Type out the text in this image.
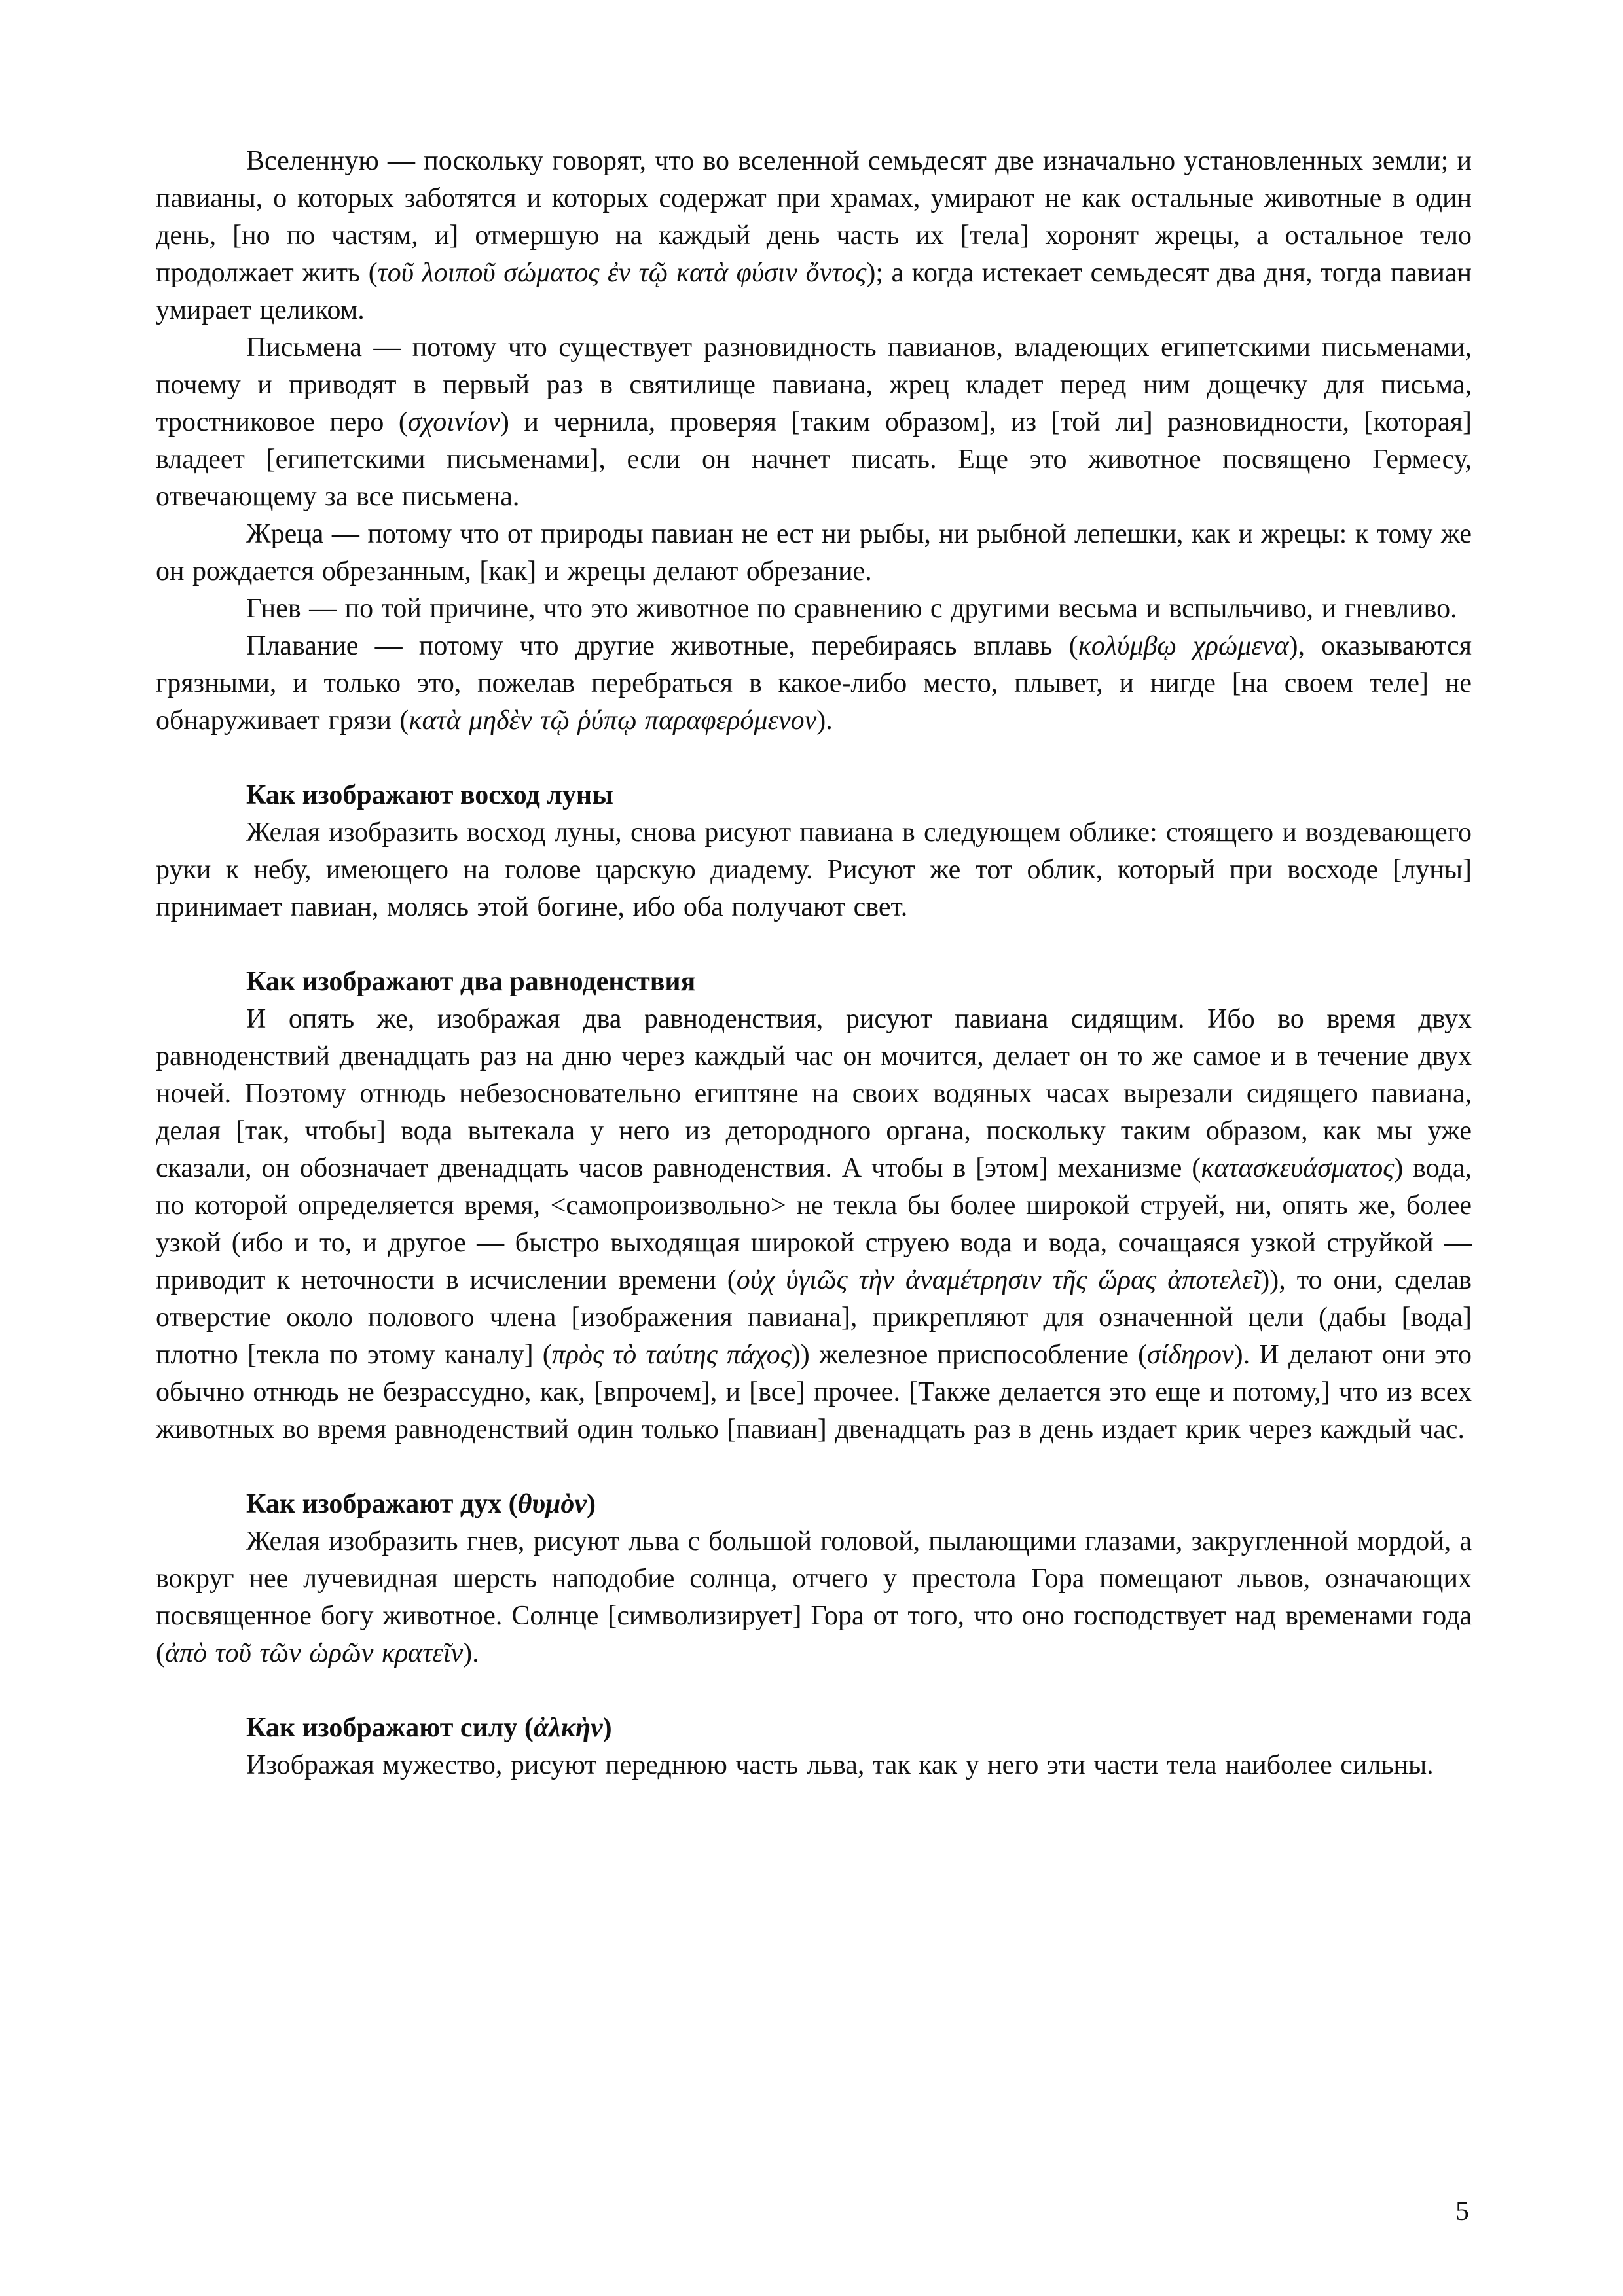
Вселенную — поскольку говорят, что во вселенной семьдесят две изначально установленных земли; и павианы, о которых заботятся и которых содержат при храмах, умирают не как остальные животные в один день, [но по частям, и] отмершую на каждый день часть их [тела] хоронят жрецы, а остальное тело продолжает жить (τοῦ λοιποῦ σώματος ἐν τῷ κατὰ φύσιν ὄντος); а когда истекает семьдесят два дня, тогда павиан умирает целиком.

Письмена — потому что существует разновидность павианов, владеющих египетскими письменами, почему и приводят в первый раз в святилище павиана, жрец кладет перед ним дощечку для письма, тростниковое перо (σχοινίον) и чернила, проверяя [таким образом], из [той ли] разновидности, [которая] владеет [египетскими письменами], если он начнет писать. Еще это животное посвящено Гермесу, отвечающему за все письмена.

Жреца — потому что от природы павиан не ест ни рыбы, ни рыбной лепешки, как и жрецы: к тому же он рождается обрезанным, [как] и жрецы делают обрезание.

Гнев — по той причине, что это животное по сравнению с другими весьма и вспыльчиво, и гневливо.

Плавание — потому что другие животные, перебираясь вплавь (κολύμβῳ χρώμενα), оказываются грязными, и только это, пожелав перебраться в какое-либо место, плывет, и нигде [на своем теле] не обнаруживает грязи (κατὰ μηδὲν τῷ ῥύπῳ παραφερόμενον).

Как изображают восход луны

Желая изобразить восход луны, снова рисуют павиана в следующем облике: стоящего и воздевающего руки к небу, имеющего на голове царскую диадему. Рисуют же тот облик, который при восходе [луны] принимает павиан, молясь этой богине, ибо оба получают свет.

Как изображают два равноденствия

И опять же, изображая два равноденствия, рисуют павиана сидящим. Ибо во время двух равноденствий двенадцать раз на дню через каждый час он мочится, делает он то же самое и в течение двух ночей. Поэтому отнюдь небезосновательно египтяне на своих водяных часах вырезали сидящего павиана, делая [так, чтобы] вода вытекала у него из детородного органа, поскольку таким образом, как мы уже сказали, он обозначает двенадцать часов равноденствия. А чтобы в [этом] механизме (κατασκευάσματος) вода, по которой определяется время, <самопроизвольно> не текла бы более широкой струей, ни, опять же, более узкой (ибо и то, и другое — быстро выходящая широкой струею вода и вода, сочащаяся узкой струйкой — приводит к неточности в исчислении времени (οὐχ ὑγιῶς τὴν ἀναμέτρησιν τῆς ὥρας ἀποτελεῖ)), то они, сделав отверстие около полового члена [изображения павиана], прикрепляют для означенной цели (дабы [вода] плотно [текла по этому каналу] (πρὸς τὸ ταύτης πάχος)) железное приспособление (σίδηρον). И делают они это обычно отнюдь не безрассудно, как, [впрочем], и [все] прочее. [Также делается это еще и потому,] что из всех животных во время равноденствий один только [павиан] двенадцать раз в день издает крик через каждый час.

Как изображают дух (θυμὸν)

Желая изобразить гнев, рисуют льва с большой головой, пылающими глазами, закругленной мордой, а вокруг нее лучевидная шерсть наподобие солнца, отчего у престола Гора помещают львов, означающих посвященное богу животное. Солнце [символизирует] Гора от того, что оно господствует над временами года (ἀπὸ τοῦ τῶν ὡρῶν κρατεῖν).

Как изображают силу (ἀλκὴν)

Изображая мужество, рисуют переднюю часть льва, так как у него эти части тела наиболее сильны.

5
